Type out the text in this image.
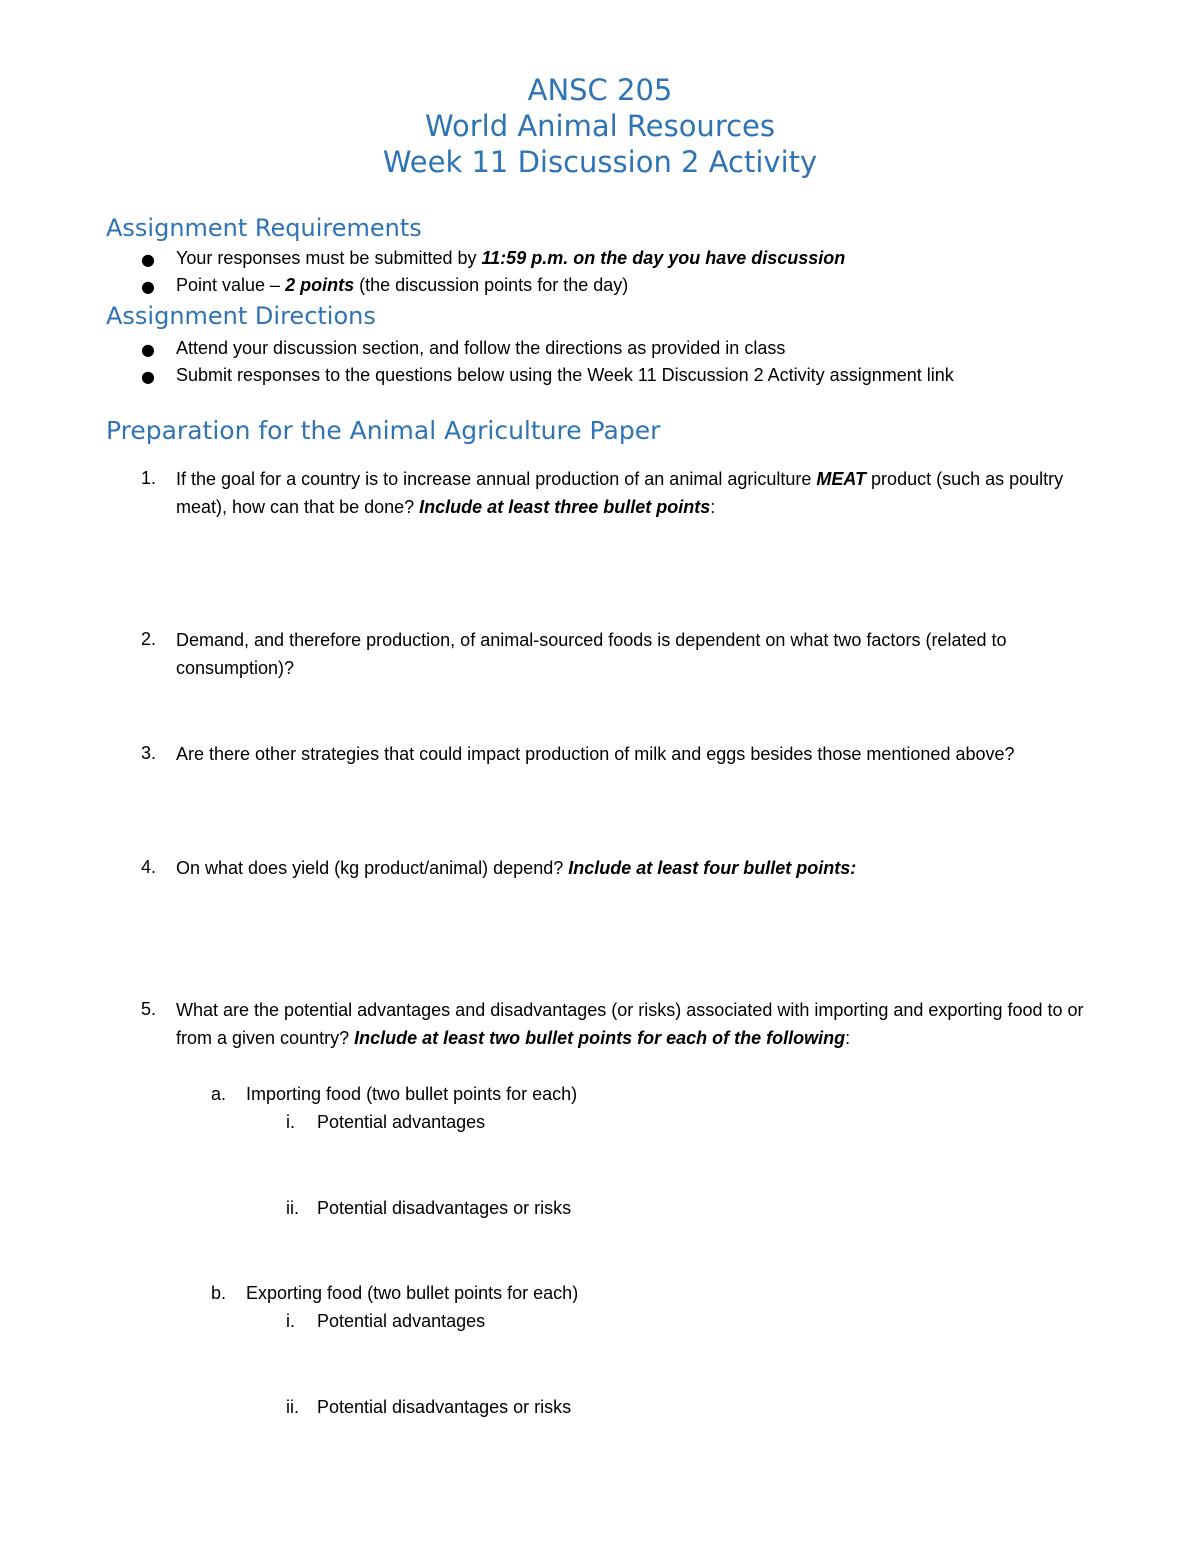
ANSC 205
World Animal Resources
Week 11 Discussion 2 Activity
Assignment Requirements
● Your responses must be submitted by 11:59 p.m. on the day you have discussion
● Point value – 2 points (the discussion points for the day)
Assignment Directions
● Attend your discussion section, and follow the directions as provided in class
● Submit responses to the questions below using the Week 11 Discussion 2 Activity assignment link
Preparation for the Animal Agriculture Paper
1. If the goal for a country is to increase annual production of an animal agriculture MEAT product (such as poultry meat), how can that be done? Include at least three bullet points:
2. Demand, and therefore production, of animal-sourced foods is dependent on what two factors (related to consumption)?
3. Are there other strategies that could impact production of milk and eggs besides those mentioned above?
4. On what does yield (kg product/animal) depend? Include at least four bullet points:
5. What are the potential advantages and disadvantages (or risks) associated with importing and exporting food to or from a given country? Include at least two bullet points for each of the following:
a. Importing food (two bullet points for each)
i. Potential advantages
ii. Potential disadvantages or risks
b. Exporting food (two bullet points for each)
i. Potential advantages
ii. Potential disadvantages or risks
